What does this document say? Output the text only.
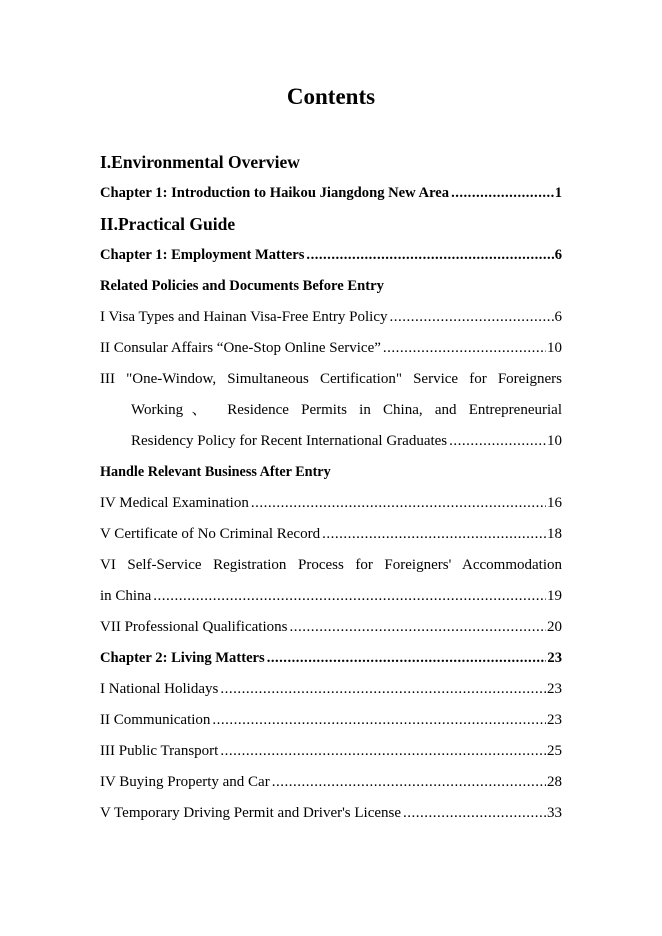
Contents
I.Environmental Overview
Chapter 1: Introduction to Haikou Jiangdong New Area .....	1
II.Practical Guide
Chapter 1: Employment Matters .....	6
Related Policies and Documents Before Entry
I Visa Types and Hainan Visa-Free Entry Policy .....	6
II Consular Affairs “One-Stop Online Service” .....	10
III "One-Window, Simultaneous Certification" Service for Foreigners
Working、 Residence Permits in China, and Entrepreneurial
Residency Policy for Recent International Graduates .....	10
Handle Relevant Business After Entry
IV Medical Examination .....	16
V Certificate of No Criminal Record .....	18
VI Self-Service Registration Process for Foreigners' Accommodation
in China .....	19
VII Professional Qualifications .....	20
Chapter 2: Living Matters .....	23
I National Holidays .....	23
II Communication .....	23
III Public Transport .....	25
IV Buying Property and Car .....	28
V Temporary Driving Permit and Driver's License .....	33
